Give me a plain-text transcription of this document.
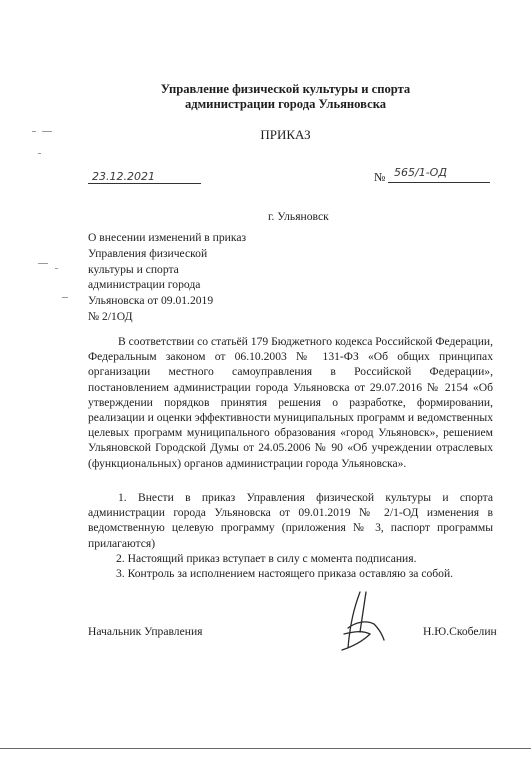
Управление физической культуры и спорта
администрации города Ульяновска
ПРИКАЗ
23.12.2021	№ 565/1-ОД
г. Ульяновск
О внесении изменений в приказ
Управления физической
культуры и спорта
администрации города
Ульяновска от 09.01.2019
№ 2/1ОД

В соответствии со статьёй 179 Бюджетного кодекса Российской Федерации, Федеральным законом от 06.10.2003 № 131-ФЗ «Об общих принципах организации местного самоуправления в Российской Федерации», постановлением администрации города Ульяновска от 29.07.2016 № 2154 «Об утверждении порядков принятия решения о разработке, формировании, реализации и оценки эффективности муниципальных программ и ведомственных целевых программ муниципального образования «город Ульяновск», решением Ульяновской Городской Думы от 24.05.2006 № 90 «Об учреждении отраслевых (функциональных) органов администрации города Ульяновска».

1. Внести в приказ Управления физической культуры и спорта администрации города Ульяновска от 09.01.2019 № 2/1-ОД изменения в ведомственную целевую программу (приложения № 3, паспорт программы прилагаются)

2. Настоящий приказ вступает в силу с момента подписания.

3. Контроль за исполнением настоящего приказа оставляю за собой.

Начальник Управления	Н.Ю.Скобелин
